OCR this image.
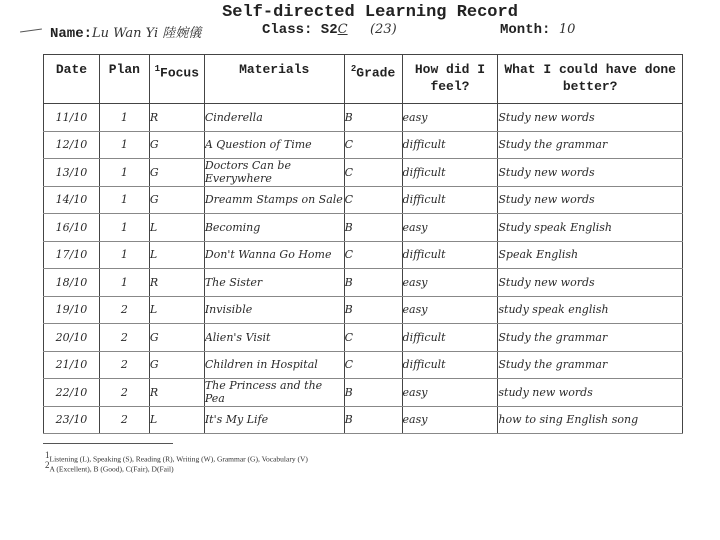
Self-directed Learning Record
Name:Lu Wan Yi 陸婉儀	Class: S2C (23)	Month: 10
Date	Plan	$^1$Focus	Materials	$^2$Grade	How did I feel?	What I could have done better?
11/10	1	R	Cinderella	B	easy	Study new words
12/10	1	G	A Question of Time	C	difficult	Study the grammar
13/10	1	G	Doctors Can be Everywhere	C	difficult	Study new words
14/10	1	G	Dreamm Stamps on Sale	C	difficult	Study new words
16/10	1	L	Becoming	B	easy	Study speak English
17/10	1	L	Don't Wanna Go Home	C	difficult	Speak English
18/10	1	R	The Sister	B	easy	Study new words
19/10	2	L	Invisible	B	easy	study speak english
20/10	2	G	Alien's Visit	C	difficult	Study the grammar
21/10	2	G	Children in Hospital	C	difficult	Study the grammar
22/10	2	R	The Princess and the Pea	B	easy	study new words
23/10	2	L	It's My Life	B	easy	how to sing English song
$^1$Listening (L), Speaking (S), Reading (R), Writing (W), Grammar (G), Vocabulary (V)
$^2$A (Excellent), B (Good), C(Fair), D(Fail)
